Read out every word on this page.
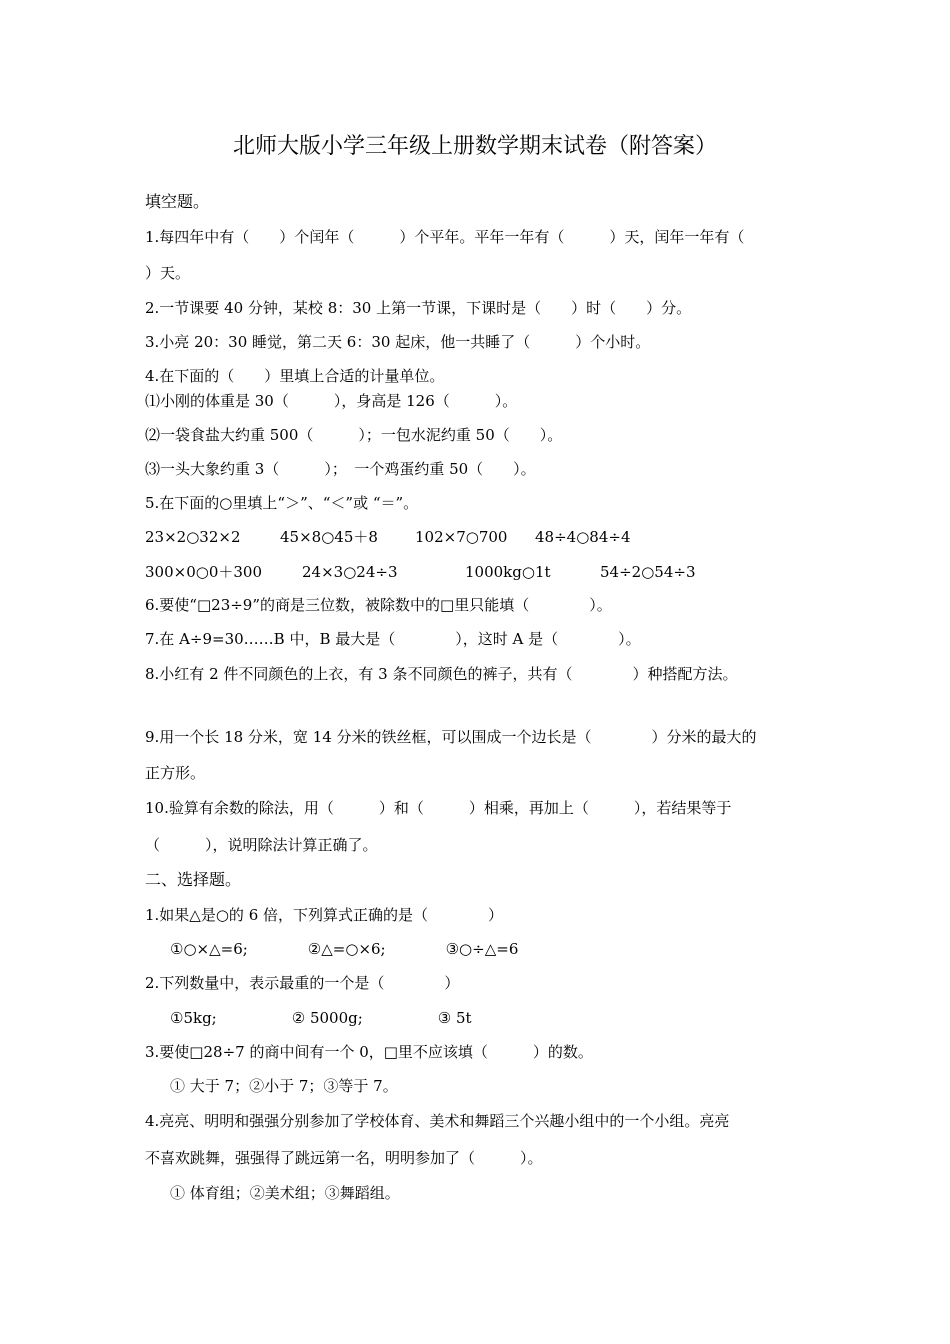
北师大版小学三年级上册数学期末试卷（附答案）
填空题。
1.每四年中有（　　）个闰年（　　　）个平年。平年一年有（　　　）天，闰年一年有（
）天。
2.一节课要 40 分钟，某校 8：30 上第一节课，下课时是（　　）时（　　）分。
3.小亮 20：30 睡觉，第二天 6：30 起床，他一共睡了（　　　）个小时。
4.在下面的（　　）里填上合适的计量单位。
⑴小刚的体重是 30（　　　），身高是 126（　　　）。
⑵一袋食盐大约重 500（　　　）；一包水泥约重 50（　　）。
⑶一头大象约重 3（　　　）；　一个鸡蛋约重 50（　　）。
5.在下面的○里填上“＞”、“＜”或 “＝”。

23×2○32×2

	45×8○45＋8

102×7○700

48÷4○84÷4

300×0○0＋300

	24×3○24÷3

	1000kg○1t

	54÷2○54÷3

6.要使“□23÷9”的商是三位数，被除数中的□里只能填（　　　　）。
7.在 A÷9=30……B 中，B 最大是（　　　　），这时 A 是（　　　　）。
8.小红有 2 件不同颜色的上衣，有 3 条不同颜色的裤子，共有（　　　　）种搭配方法。
9.用一个长 18 分米，宽 14 分米的铁丝框，可以围成一个边长是（　　　　）分米的最大的
正方形。
10.验算有余数的除法，用（　　　）和（　　　）相乘，再加上（　　　），若结果等于
（　　　），说明除法计算正确了。
二、选择题。
1.如果△是○的 6 倍，下列算式正确的是（　　　　）
①○×△=6;　　　　②△=○×6;　　　　③○÷△=6
2.下列数量中，表示最重的一个是（　　　　）
①5kg;　　　　　② 5000g;　　　　　③ 5t
3.要使□28÷7 的商中间有一个 0，□里不应该填（　　　）的数。
① 大于 7；②小于 7；③等于 7。
4.亮亮、明明和强强分别参加了学校体育、美术和舞蹈三个兴趣小组中的一个小组。亮亮
不喜欢跳舞，强强得了跳远第一名，明明参加了（　　　）。
① 体育组；②美术组；③舞蹈组。
